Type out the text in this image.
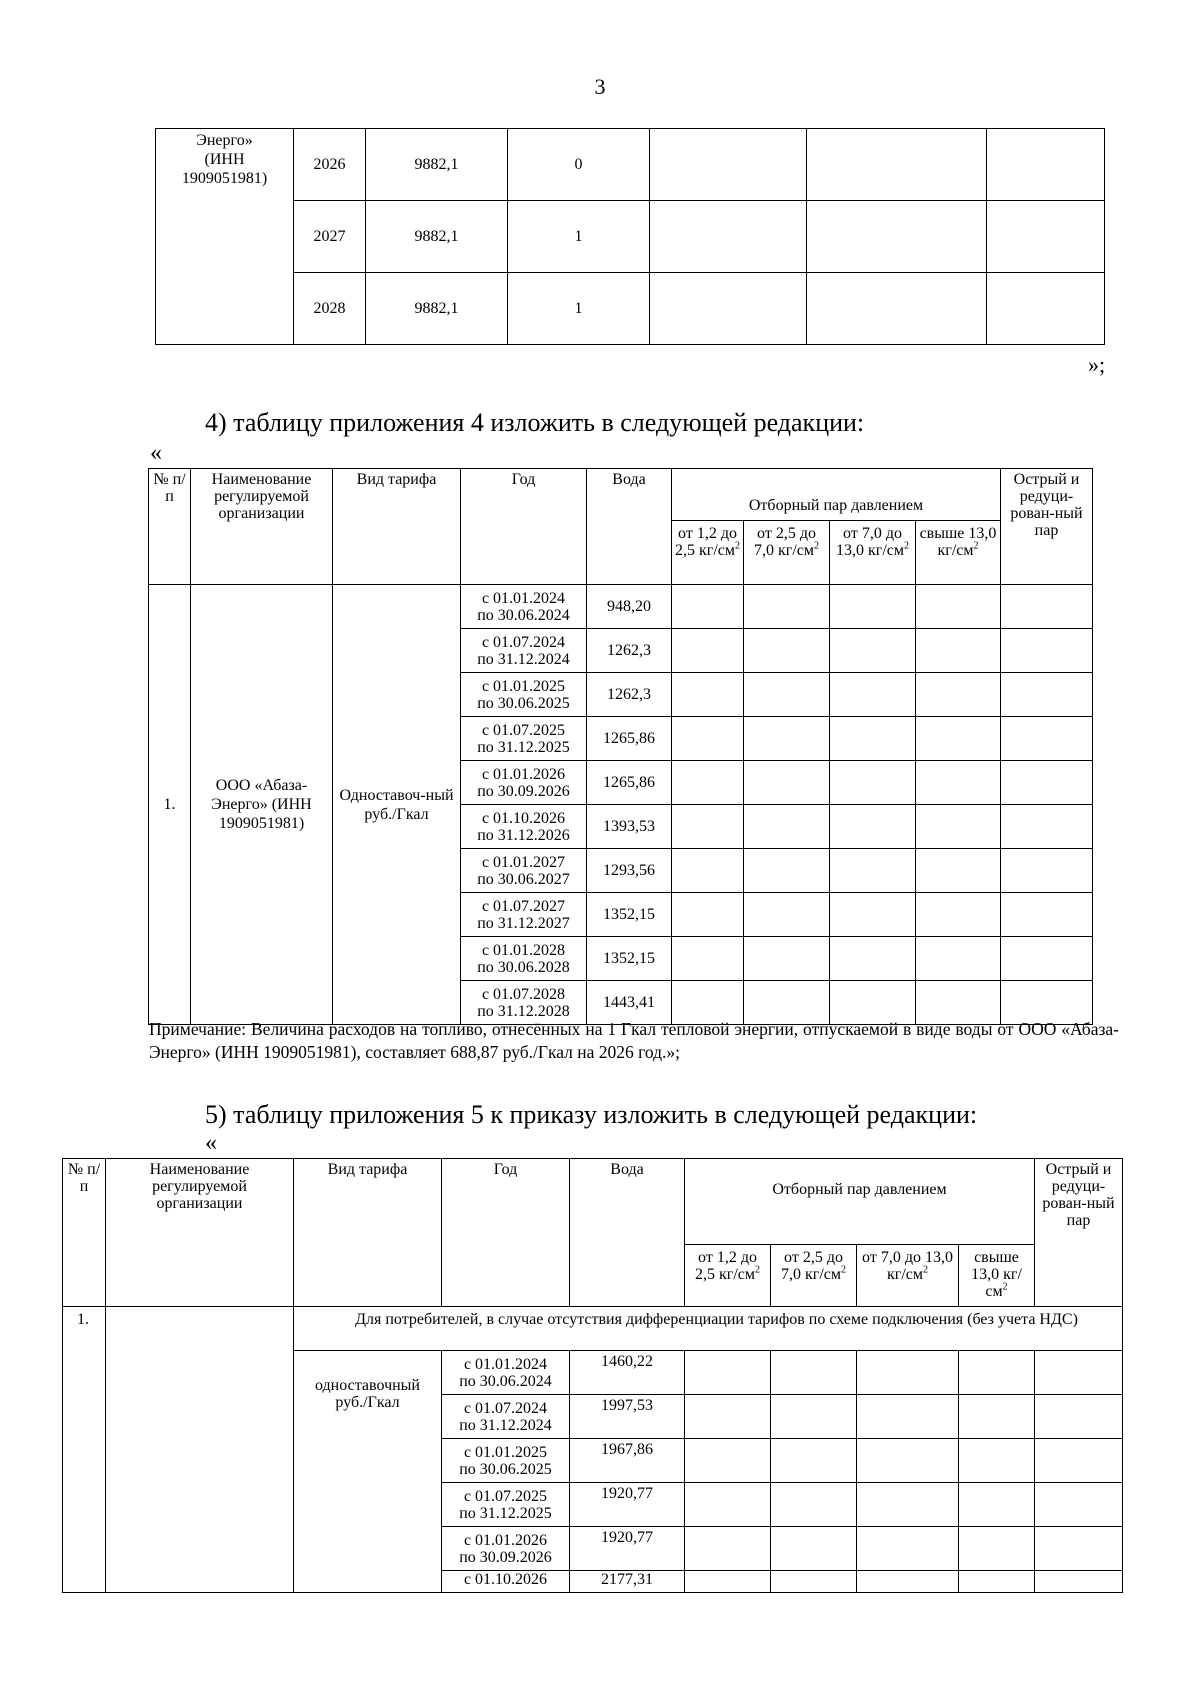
3
Энерго»
(ИНН
1909051981)	2026	9882,1	0			
	2027	9882,1	1			
	2028	9882,1	1			
»;
4) таблицу приложения 4 изложить в следующей редакции:
«
№ п/п	Наименование регулируемой организации	Вид тарифа	Год	Вода	Отборный пар давлением				Острый и редуци-рован-ный пар
					от 1,2 до 2,5 $кг/см^2$	от 2,5 до 7,0 $кг/см^2$	от 7,0 до 13,0 $кг/см^2$	свыше 13,0 $кг/см^2$
1.	ООО «Абаза-Энерго» (ИНН 1909051981)	Одноставоч-ный руб./Гкал	с 01.01.2024
по 30.06.2024	948,20					

			с 01.07.2024
по 31.12.2024	1262,3					

			с 01.01.2025
по 30.06.2025	1262,3					

			с 01.07.2025
по 31.12.2025	1265,86					

			с 01.01.2026
по 30.09.2026	1265,86					

			с 01.10.2026
по 31.12.2026	1393,53					

			с 01.01.2027
по 30.06.2027	1293,56					

			с 01.07.2027
по 31.12.2027	1352,15					

			с 01.01.2028
по 30.06.2028	1352,15					

			с 01.07.2028
по 31.12.2028	1443,41					
Примечание: Величина расходов на топливо, отнесённых на 1 Гкал тепловой энергии, отпускаемой в виде воды от ООО «Абаза-Энерго» (ИНН 1909051981), составляет 688,87 руб./Гкал на 2026 год.»;
5) таблицу приложения 5 к приказу изложить в следующей редакции:
«
№ п/ п	Наименование регулируемой организации	Вид тарифа	Год	Вода	Отборный пар давлением				Острый и редуци-рован-ный пар
					от 1,2 до 2,5 $кг/см^2$	от 2,5 до 7,0 $кг/см^2$	от 7,0 до 13,0 $кг/см^2$	свыше 13,0 $кг/см^2$
1.		Для потребителей, в случае отсутствия дифференциации тарифов по схеме подключения (без учета НДС)							
		одноставочный руб./Гкал	с 01.01.2024
по 30.06.2024	1460,22					

			с 01.07.2024
по 31.12.2024	1997,53					

			с 01.01.2025
по 30.06.2025	1967,86					

			с 01.07.2025
по 31.12.2025	1920,77					

			с 01.01.2026
по 30.09.2026	1920,77					

			с 01.10.2026	2177,31					
